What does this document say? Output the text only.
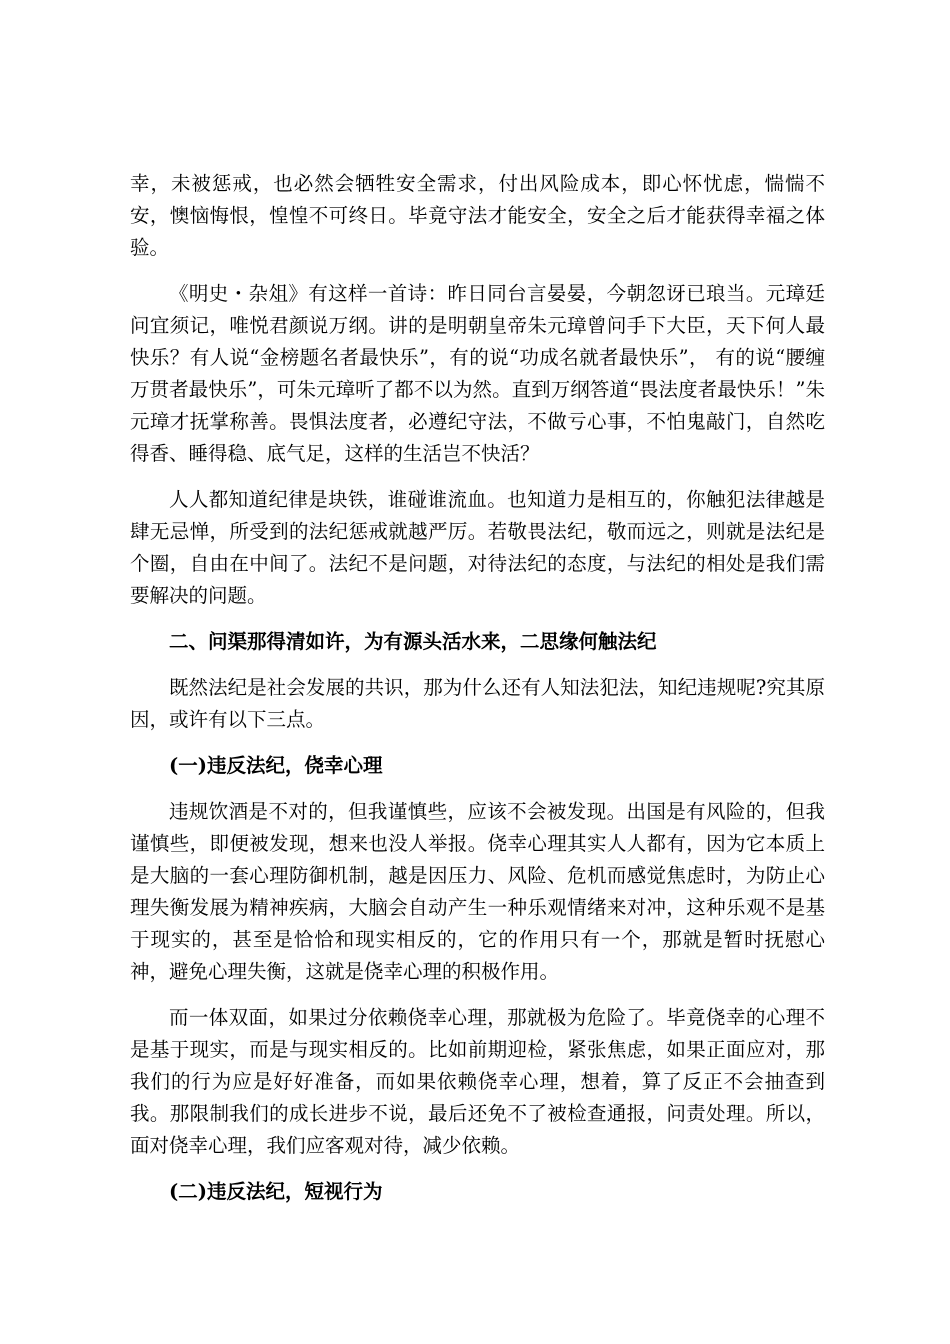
幸，未被惩戒，也必然会牺牲安全需求，付出风险成本，即心怀忧虑，惴惴不安，懊恼悔恨，惶惶不可终日。毕竟守法才能安全，安全之后才能获得幸福之体验。

《明史・杂俎》有这样一首诗：昨日同台言晏晏，今朝忽讶已琅当。元璋廷问宜须记，唯悦君颜说万纲。讲的是明朝皇帝朱元璋曾问手下大臣，天下何人最快乐？有人说“金榜题名者最快乐”，有的说“功成名就者最快乐”， 有的说“腰缠万贯者最快乐”，可朱元璋听了都不以为然。直到万纲答道“畏法度者最快乐！”朱元璋才抚掌称善。畏惧法度者，必遵纪守法，不做亏心事，不怕鬼敲门，自然吃得香、睡得稳、底气足，这样的生活岂不快活？

人人都知道纪律是块铁，谁碰谁流血。也知道力是相互的，你触犯法律越是肆无忌惮，所受到的法纪惩戒就越严厉。若敬畏法纪，敬而远之，则就是法纪是个圈，自由在中间了。法纪不是问题，对待法纪的态度，与法纪的相处是我们需要解决的问题。

二、问渠那得清如许，为有源头活水来，二思缘何触法纪

既然法纪是社会发展的共识，那为什么还有人知法犯法，知纪违规呢?究其原因，或许有以下三点。

(一)违反法纪，侥幸心理

违规饮酒是不对的，但我谨慎些，应该不会被发现。出国是有风险的，但我谨慎些，即便被发现，想来也没人举报。侥幸心理其实人人都有，因为它本质上是大脑的一套心理防御机制，越是因压力、风险、危机而感觉焦虑时，为防止心理失衡发展为精神疾病，大脑会自动产生一种乐观情绪来对冲，这种乐观不是基于现实的，甚至是恰恰和现实相反的，它的作用只有一个，那就是暂时抚慰心神，避免心理失衡，这就是侥幸心理的积极作用。

而一体双面，如果过分依赖侥幸心理，那就极为危险了。毕竟侥幸的心理不是基于现实，而是与现实相反的。比如前期迎检，紧张焦虑，如果正面应对，那我们的行为应是好好准备，而如果依赖侥幸心理，想着，算了反正不会抽查到我。那限制我们的成长进步不说，最后还免不了被检查通报，问责处理。所以，面对侥幸心理，我们应客观对待，减少依赖。

(二)违反法纪，短视行为
